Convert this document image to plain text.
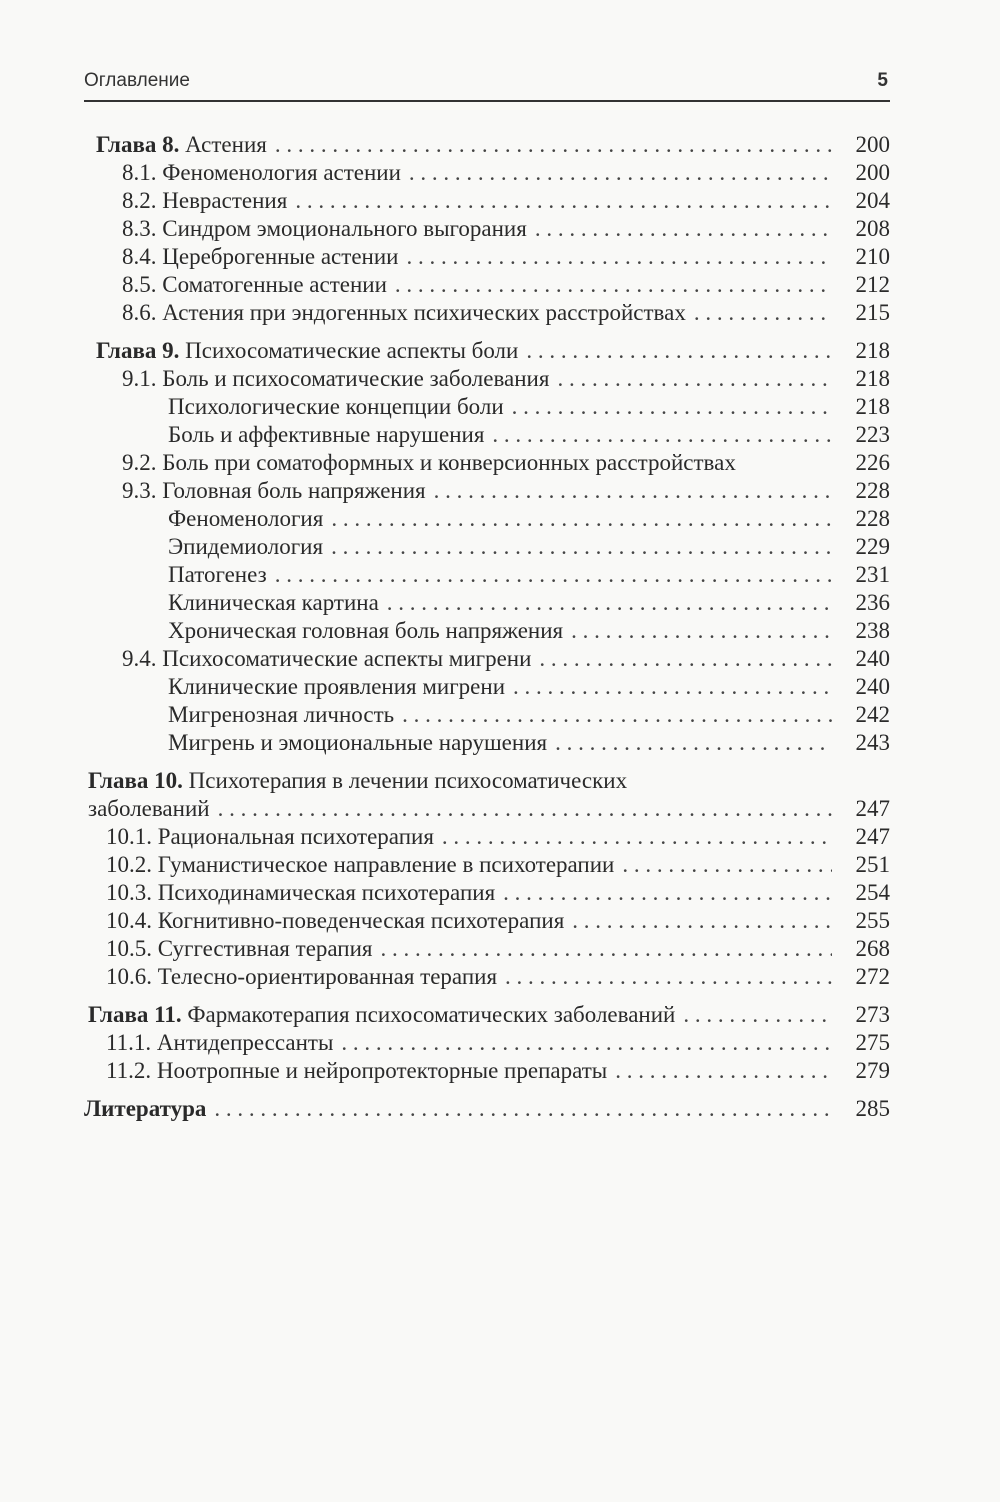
Оглавление	5
Глава 8. Астения . . .	200
8.1. Феноменология астении . . .	200
8.2. Неврастения . . .	204
8.3. Синдром эмоционального выгорания . . .	208
8.4. Цереброгенные астении . . .	210
8.5. Соматогенные астении . . .	212
8.6. Астения при эндогенных психических расстройствах . . .	215
Глава 9. Психосоматические аспекты боли . . .	218
9.1. Боль и психосоматические заболевания . . .	218
Психологические концепции боли . . .	218
Боль и аффективные нарушения . . .	223
9.2. Боль при соматоформных и конверсионных расстройствах	226
9.3. Головная боль напряжения . . .	228
Феноменология . . .	228
Эпидемиология . . .	229
Патогенез . . .	231
Клиническая картина . . .	236
Хроническая головная боль напряжения . . .	238
9.4. Психосоматические аспекты мигрени . . .	240
Клинические проявления мигрени . . .	240
Мигренозная личность . . .	242
Мигрень и эмоциональные нарушения . . .	243
Глава 10. Психотерапия в лечении психосоматических
заболеваний . . .	247
10.1. Рациональная психотерапия . . .	247
10.2. Гуманистическое направление в психотерапии . . .	251
10.3. Психодинамическая психотерапия . . .	254
10.4. Когнитивно-поведенческая психотерапия . . .	255
10.5. Суггестивная терапия . . .	268
10.6. Телесно-ориентированная терапия . . .	272
Глава 11. Фармакотерапия психосоматических заболеваний . . .	273
11.1. Антидепрессанты . . .	275
11.2. Ноотропные и нейропротекторные препараты . . .	279
Литература . . .	285
